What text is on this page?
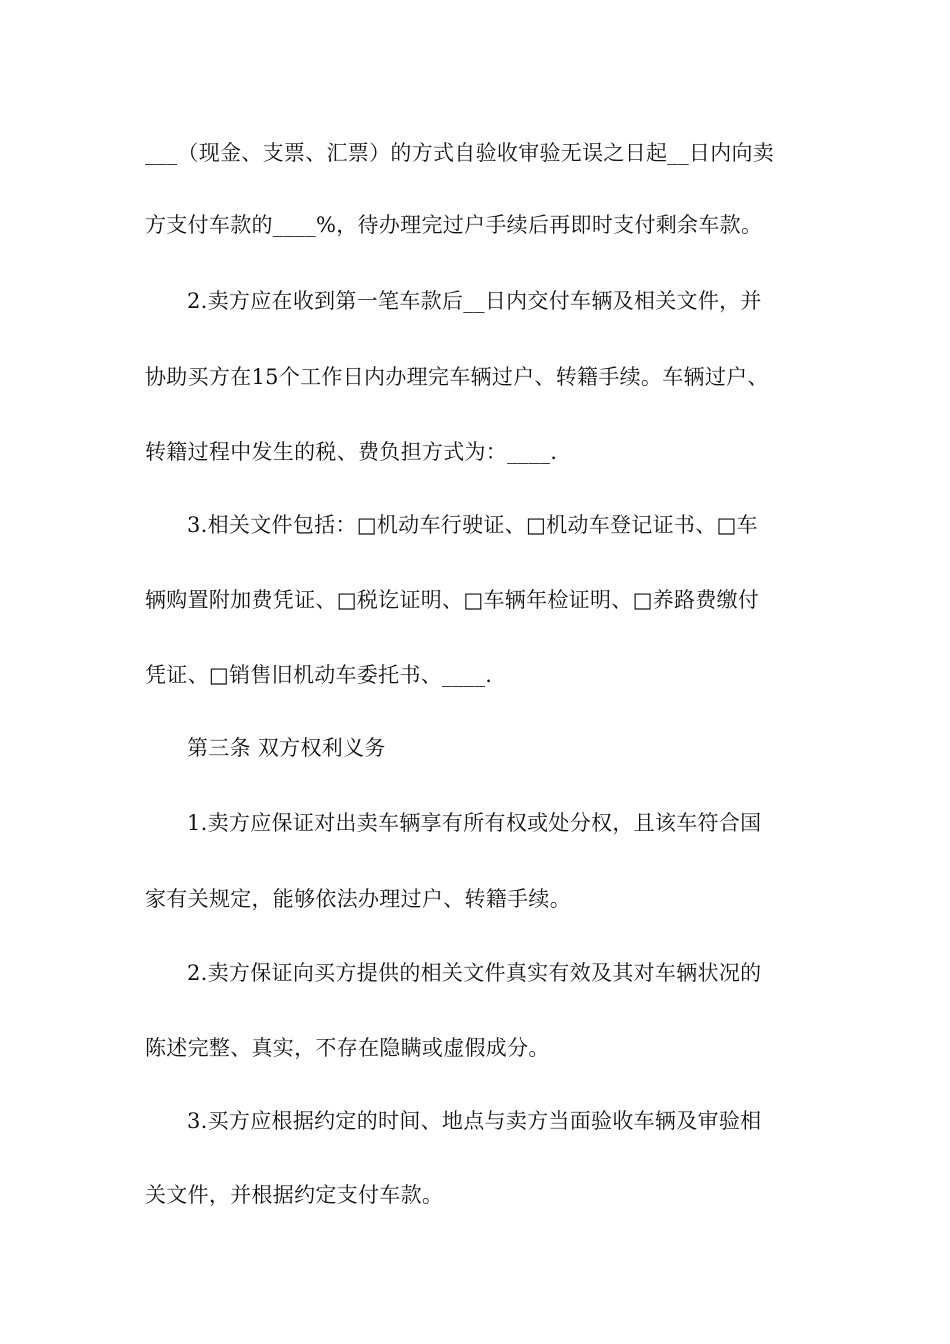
___（现金、支票、汇票）的方式自验收审验无误之日起__日内向卖
方支付车款的____%，待办理完过户手续后再即时支付剩余车款。
2.卖方应在收到第一笔车款后__日内交付车辆及相关文件，并
协助买方在15个工作日内办理完车辆过户、转籍手续。车辆过户、
转籍过程中发生的税、费负担方式为：____.
3.相关文件包括：□机动车行驶证、□机动车登记证书、□车
辆购置附加费凭证、□税讫证明、□车辆年检证明、□养路费缴付
凭证、□销售旧机动车委托书、____.
第三条 双方权利义务
1.卖方应保证对出卖车辆享有所有权或处分权，且该车符合国
家有关规定，能够依法办理过户、转籍手续。
2.卖方保证向买方提供的相关文件真实有效及其对车辆状况的
陈述完整、真实，不存在隐瞒或虚假成分。
3.买方应根据约定的时间、地点与卖方当面验收车辆及审验相
关文件，并根据约定支付车款。
